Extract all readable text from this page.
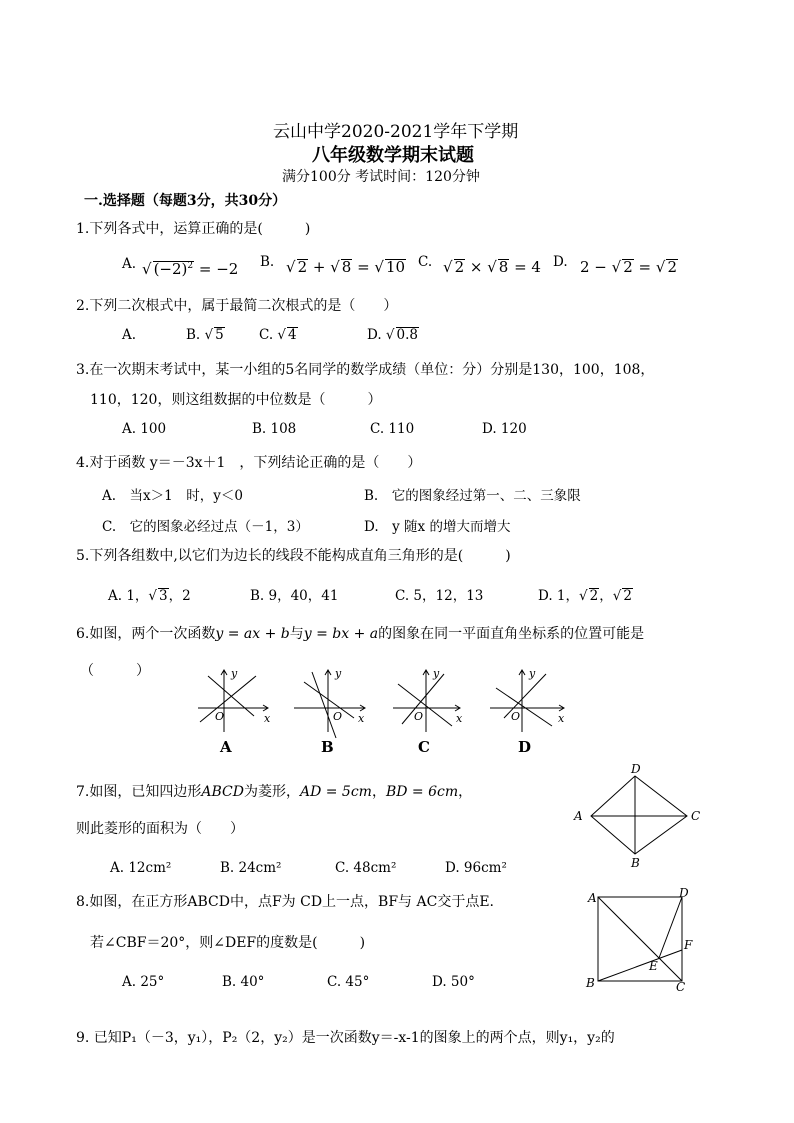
云山中学2020-2021学年下学期
八年级数学期末试题
满分100分 考试时间：120分钟
一.选择题（每题3分，共30分）
1.下列各式中，运算正确的是(　　　)
A. √ $(-2)^2 = -2$ B. √ 2 + √ 8 = √ 10 C. √ 2 × √ 8 = 4 D. 2 − √ 2 = √ 2
2.下列二次根式中，属于最简二次根式的是（　　）
A.	B. √ 5	C. √ 4	D. √ 0.8
3.在一次期末考试中，某一小组的5名同学的数学成绩（单位：分）分别是130，100，108，
110，120，则这组数据的中位数是（　　　）
A. 100	B. 108	C. 110	D. 120
4.对于函数 y＝－3x＋1　，下列结论正确的是（　　）
A.　当x＞1　时，y＜0	B.　它的图象经过第一、二、三象限
C.　它的图象必经过点（－1，3）	D.　y 随x 的增大而增大
5.下列各组数中,以它们为边长的线段不能构成直角三角形的是(　　　)
A. 1，√ 3，2	B. 9，40，41	C. 5，12，13	D. 1，√ 2，√ 2
6.如图，两个一次函数y = ax + b与y = bx + a的图象在同一平面直角坐标系的位置可能是
（　　　）	y
x
O
A
y
x
O
B
y
x
O
C
y
x
O
D
7.如图，已知四边形ABCD为菱形，AD = 5cm，BD = 6cm，
则此菱形的面积为（　　）
A. 12cm²	B. 24cm²	C. 48cm²	D. 96cm²
D
C
B
A
8.如图，在正方形ABCD中，点F为 CD上一点，BF与 AC交于点E.
若∠CBF＝20°，则∠DEF的度数是(　　　)
A. 25°	B. 40°	C. 45°	D. 50°
A	D
F
E
B	C
9. 已知P₁（－3，y₁），P₂（2，y₂）是一次函数y＝-x-1的图象上的两个点，则y₁，y₂的
